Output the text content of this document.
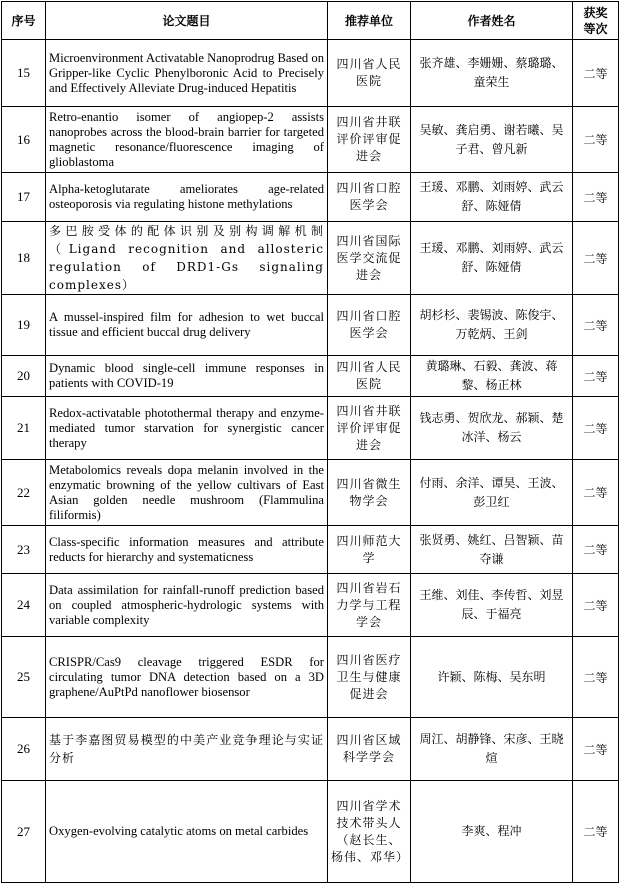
序号	论文题目	推荐单位	作者姓名	获奖等次

15	Microenvironment Activatable Nanoprodrug Based on Gripper-like Cyclic Phenylboronic Acid to Precisely and Effectively Alleviate Drug-induced Hepatitis	四川省人民医院	张齐雄、李姗姗、蔡璐璐、童荣生	二等
16	Retro-enantio isomer of angiopep-2 assists nanoprobes across the blood-brain barrier for targeted magnetic resonance/fluorescence imaging of glioblastoma	四川省井联评价评审促进会	吴敏、龚启勇、谢若曦、吴子君、曾凡新	二等
17	Alpha-ketoglutarate ameliorates age-related osteoporosis via regulating histone methylations	四川省口腔医学会	王瑗、邓鹏、刘雨婷、武云舒、陈娅倩	二等
18	多巴胺受体的配体识别及别构调解机制（Ligand recognition and allosteric regulation of DRD1-Gs signaling complexes）	四川省国际医学交流促进会	王瑗、邓鹏、刘雨婷、武云舒、陈娅倩	二等
19	A mussel-inspired film for adhesion to wet buccal tissue and efficient buccal drug delivery	四川省口腔医学会	胡杉杉、裴锡波、陈俊宇、万乾炳、王剑	二等
20	Dynamic blood single-cell immune responses in patients with COVID-19	四川省人民医院	黄璐琳、石毅、龚波、蒋黎、杨正林	二等
21	Redox-activatable photothermal therapy and enzyme-mediated tumor starvation for synergistic cancer therapy	四川省井联评价评审促进会	钱志勇、贺欣龙、郝颖、楚冰洋、杨云	二等
22	Metabolomics reveals dopa melanin involved in the enzymatic browning of the yellow cultivars of East Asian golden needle mushroom (Flammulina filiformis)	四川省微生物学会	付雨、余洋、谭昊、王波、彭卫红	二等
23	Class-specific information measures and attribute reducts for hierarchy and systematicness	四川师范大学	张贤勇、姚红、吕智颖、苗夺谦	二等
24	Data assimilation for rainfall-runoff prediction based on coupled atmospheric-hydrologic systems with variable complexity	四川省岩石力学与工程学会	王维、刘佳、李传哲、刘昱辰、于福亮	二等
25	CRISPR/Cas9 cleavage triggered ESDR for circulating tumor DNA detection based on a 3D graphene/AuPtPd nanoflower biosensor	四川省医疗卫生与健康促进会	许颖、陈梅、吴东明	二等
26	基于李嘉图贸易模型的中美产业竞争理论与实证分析	四川省区域科学学会	周江、胡静锋、宋彦、王晓煊	二等
27	Oxygen-evolving catalytic atoms on metal carbides	四川省学术技术带头人（赵长生、杨伟、邓华）	李爽、程冲	二等
